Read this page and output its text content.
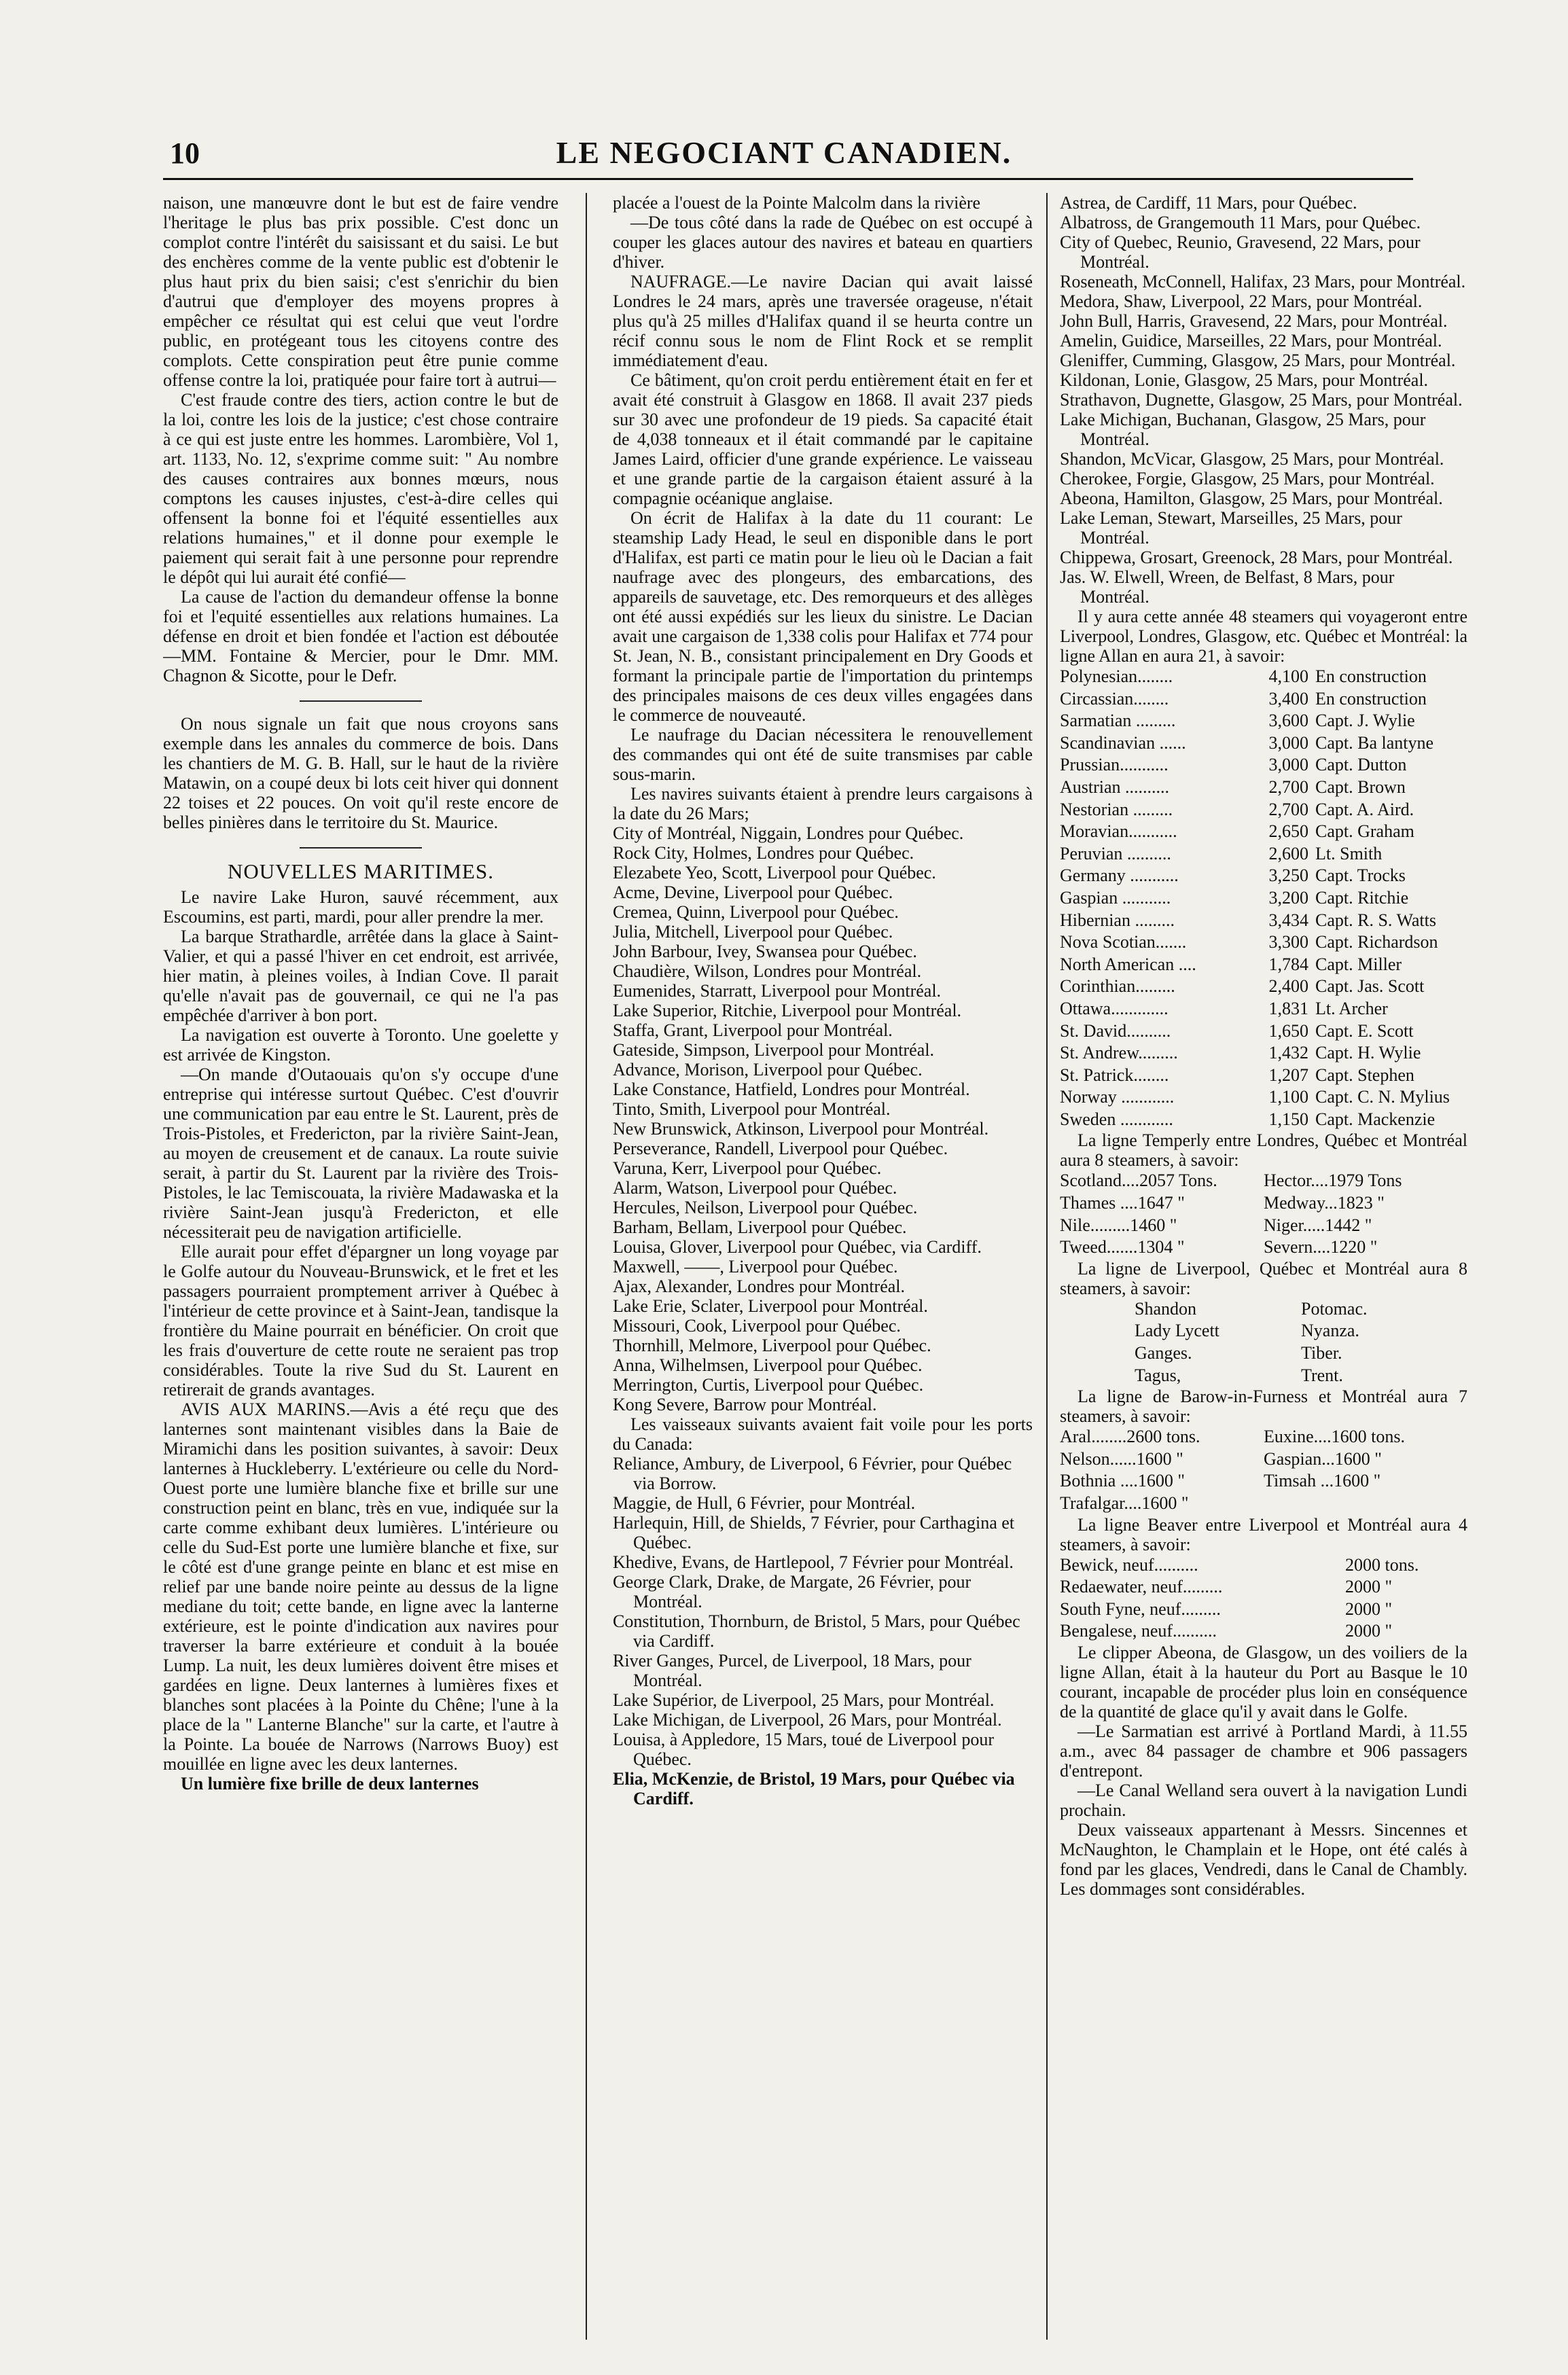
10	LE NEGOCIANT CANADIEN.

naison, une manœuvre dont le but est de faire vendre l'heritage le plus bas prix possible. C'est donc un complot contre l'intérêt du saisissant et du saisi. Le but des enchères comme de la vente public est d'obtenir le plus haut prix du bien saisi; c'est s'enrichir du bien d'autrui que d'employer des moyens propres à empêcher ce résultat qui est celui que veut l'ordre public, en protégeant tous les citoyens contre des complots. Cette conspiration peut être punie comme offense contre la loi, pratiquée pour faire tort à autrui—

C'est fraude contre des tiers, action contre le but de la loi, contre les lois de la justice; c'est chose contraire à ce qui est juste entre les hommes. Larombière, Vol 1, art. 1133, No. 12, s'exprime comme suit: " Au nombre des causes contraires aux bonnes mœurs, nous comptons les causes injustes, c'est-à-dire celles qui offensent la bonne foi et l'équité essentielles aux relations humaines," et il donne pour exemple le paiement qui serait fait à une personne pour reprendre le dépôt qui lui aurait été confié—

La cause de l'action du demandeur offense la bonne foi et l'equité essentielles aux relations humaines. La défense en droit et bien fondée et l'action est déboutée—MM. Fontaine & Mercier, pour le Dmr. MM. Chagnon & Sicotte, pour le Defr.

On nous signale un fait que nous croyons sans exemple dans les annales du commerce de bois. Dans les chantiers de M. G. B. Hall, sur le haut de la rivière Matawin, on a coupé deux bi lots ceit hiver qui donnent 22 toises et 22 pouces. On voit qu'il reste encore de belles pinières dans le territoire du St. Maurice.

NOUVELLES MARITIMES.

Le navire Lake Huron, sauvé récemment, aux Escoumins, est parti, mardi, pour aller prendre la mer.

La barque Strathardle, arrêtée dans la glace à Saint-Valier, et qui a passé l'hiver en cet endroit, est arrivée, hier matin, à pleines voiles, à Indian Cove. Il parait qu'elle n'avait pas de gouvernail, ce qui ne l'a pas empêchée d'arriver à bon port.

La navigation est ouverte à Toronto. Une goelette y est arrivée de Kingston.

—On mande d'Outaouais qu'on s'y occupe d'une entreprise qui intéresse surtout Québec. C'est d'ouvrir une communication par eau entre le St. Laurent, près de Trois-Pistoles, et Fredericton, par la rivière Saint-Jean, au moyen de creusement et de canaux. La route suivie serait, à partir du St. Laurent par la rivière des Trois-Pistoles, le lac Temiscouata, la rivière Madawaska et la rivière Saint-Jean jusqu'à Fredericton, et elle nécessiterait peu de navigation artificielle.

Elle aurait pour effet d'épargner un long voyage par le Golfe autour du Nouveau-Brunswick, et le fret et les passagers pourraient promptement arriver à Québec à l'intérieur de cette province et à Saint-Jean, tandisque la frontière du Maine pourrait en bénéficier. On croit que les frais d'ouverture de cette route ne seraient pas trop considérables. Toute la rive Sud du St. Laurent en retirerait de grands avantages.

AVIS AUX MARINS.—Avis a été reçu que des lanternes sont maintenant visibles dans la Baie de Miramichi dans les position suivantes, à savoir: Deux lanternes à Huckleberry. L'extérieure ou celle du Nord-Ouest porte une lumière blanche fixe et brille sur une construction peint en blanc, très en vue, indiquée sur la carte comme exhibant deux lumières. L'intérieure ou celle du Sud-Est porte une lumière blanche et fixe, sur le côté est d'une grange peinte en blanc et est mise en relief par une bande noire peinte au dessus de la ligne mediane du toit; cette bande, en ligne avec la lanterne extérieure, est le pointe d'indication aux navires pour traverser la barre extérieure et conduit à la bouée Lump. La nuit, les deux lumières doivent être mises et gardées en ligne. Deux lanternes à lumières fixes et blanches sont placées à la Pointe du Chêne; l'une à la place de la " Lanterne Blanche" sur la carte, et l'autre à la Pointe. La bouée de Narrows (Narrows Buoy) est mouillée en ligne avec les deux lanternes.

Un lumière fixe brille de deux lanternes

placée a l'ouest de la Pointe Malcolm dans la rivière

—De tous côté dans la rade de Québec on est occupé à couper les glaces autour des navires et bateau en quartiers d'hiver.

NAUFRAGE.—Le navire Dacian qui avait laissé Londres le 24 mars, après une traversée orageuse, n'était plus qu'à 25 milles d'Halifax quand il se heurta contre un récif connu sous le nom de Flint Rock et se remplit immédiatement d'eau.

Ce bâtiment, qu'on croit perdu entièrement était en fer et avait été construit à Glasgow en 1868. Il avait 237 pieds sur 30 avec une profondeur de 19 pieds. Sa capacité était de 4,038 tonneaux et il était commandé par le capitaine James Laird, officier d'une grande expérience. Le vaisseau et une grande partie de la cargaison étaient assuré à la compagnie océanique anglaise.

On écrit de Halifax à la date du 11 courant: Le steamship Lady Head, le seul en disponible dans le port d'Halifax, est parti ce matin pour le lieu où le Dacian a fait naufrage avec des plongeurs, des embarcations, des appareils de sauvetage, etc. Des remorqueurs et des allèges ont été aussi expédiés sur les lieux du sinistre. Le Dacian avait une cargaison de 1,338 colis pour Halifax et 774 pour St. Jean, N. B., consistant principalement en Dry Goods et formant la principale partie de l'importation du printemps des principales maisons de ces deux villes engagées dans le commerce de nouveauté.

Le naufrage du Dacian nécessitera le renouvellement des commandes qui ont été de suite transmises par cable sous-marin.

Les navires suivants étaient à prendre leurs cargaisons à la date du 26 Mars;

City of Montréal, Niggain, Londres pour Québec.

Rock City, Holmes, Londres pour Québec.

Elezabete Yeo, Scott, Liverpool pour Québec.

Acme, Devine, Liverpool pour Québec.

Cremea, Quinn, Liverpool pour Québec.

Julia, Mitchell, Liverpool pour Québec.

John Barbour, Ivey, Swansea pour Québec.

Chaudière, Wilson, Londres pour Montréal.

Eumenides, Starratt, Liverpool pour Montréal.

Lake Superior, Ritchie, Liverpool pour Montréal.

Staffa, Grant, Liverpool pour Montréal.

Gateside, Simpson, Liverpool pour Montréal.

Advance, Morison, Liverpool pour Québec.

Lake Constance, Hatfield, Londres pour Montréal.

Tinto, Smith, Liverpool pour Montréal.

New Brunswick, Atkinson, Liverpool pour Montréal.

Perseverance, Randell, Liverpool pour Québec.

Varuna, Kerr, Liverpool pour Québec.

Alarm, Watson, Liverpool pour Québec.

Hercules, Neilson, Liverpool pour Québec.

Barham, Bellam, Liverpool pour Québec.

Louisa, Glover, Liverpool pour Québec, via Cardiff.

Maxwell, ——, Liverpool pour Québec.

Ajax, Alexander, Londres pour Montréal.

Lake Erie, Sclater, Liverpool pour Montréal.

Missouri, Cook, Liverpool pour Québec.

Thornhill, Melmore, Liverpool pour Québec.

Anna, Wilhelmsen, Liverpool pour Québec.

Merrington, Curtis, Liverpool pour Québec.

Kong Severe, Barrow pour Montréal.

Les vaisseaux suivants avaient fait voile pour les ports du Canada:

Reliance, Ambury, de Liverpool, 6 Février, pour Québec via Borrow.

Maggie, de Hull, 6 Février, pour Montréal.

Harlequin, Hill, de Shields, 7 Février, pour Carthagina et Québec.

Khedive, Evans, de Hartlepool, 7 Février pour Montréal.

George Clark, Drake, de Margate, 26 Février, pour Montréal.

Constitution, Thornburn, de Bristol, 5 Mars, pour Québec via Cardiff.

River Ganges, Purcel, de Liverpool, 18 Mars, pour Montréal.

Lake Supérior, de Liverpool, 25 Mars, pour Montréal.

Lake Michigan, de Liverpool, 26 Mars, pour Montréal.

Louisa, à Appledore, 15 Mars, toué de Liverpool pour Québec.

Elia, McKenzie, de Bristol, 19 Mars, pour Québec via Cardiff.

Astrea, de Cardiff, 11 Mars, pour Québec.

Albatross, de Grangemouth 11 Mars, pour Québec.

City of Quebec, Reunio, Gravesend, 22 Mars, pour Montréal.

Roseneath, McConnell, Halifax, 23 Mars, pour Montréal.

Medora, Shaw, Liverpool, 22 Mars, pour Montréal.

John Bull, Harris, Gravesend, 22 Mars, pour Montréal.

Amelin, Guidice, Marseilles, 22 Mars, pour Montréal.

Gleniffer, Cumming, Glasgow, 25 Mars, pour Montréal.

Kildonan, Lonie, Glasgow, 25 Mars, pour Montréal.

Strathavon, Dugnette, Glasgow, 25 Mars, pour Montréal.

Lake Michigan, Buchanan, Glasgow, 25 Mars, pour Montréal.

Shandon, McVicar, Glasgow, 25 Mars, pour Montréal.

Cherokee, Forgie, Glasgow, 25 Mars, pour Montréal.

Abeona, Hamilton, Glasgow, 25 Mars, pour Montréal.

Lake Leman, Stewart, Marseilles, 25 Mars, pour Montréal.

Chippewa, Grosart, Greenock, 28 Mars, pour Montréal.

Jas. W. Elwell, Wreen, de Belfast, 8 Mars, pour Montréal.

Il y aura cette année 48 steamers qui voyageront entre Liverpool, Londres, Glasgow, etc. Québec et Montréal: la ligne Allan en aura 21, à savoir:

Polynesian........	4,100 En construction
Circassian........	3,400 En construction
Sarmatian .........	3,600 Capt. J. Wylie
Scandinavian ......	3,000 Capt. Ba lantyne
Prussian...........	3,000 Capt. Dutton
Austrian ..........	2,700 Capt. Brown
Nestorian .........	2,700 Capt. A. Aird.
Moravian...........	2,650 Capt. Graham
Peruvian ..........	2,600 Lt. Smith
Germany ...........	3,250 Capt. Trocks
Gaspian ...........	3,200 Capt. Ritchie
Hibernian .........	3,434 Capt. R. S. Watts
Nova Scotian.......	3,300 Capt. Richardson
North American ....	1,784 Capt. Miller
Corinthian.........	2,400 Capt. Jas. Scott
Ottawa.............	1,831 Lt. Archer
St. David..........	1,650 Capt. E. Scott
St. Andrew.........	1,432 Capt. H. Wylie
St. Patrick........	1,207 Capt. Stephen
Norway ............	1,100 Capt. C. N. Mylius
Sweden ............	1,150 Capt. Mackenzie

La ligne Temperly entre Londres, Québec et Montréal aura 8 steamers, à savoir:

Scotland....2057 Tons.	Hector....1979 Tons
Thames ....1647 "	Medway...1823 "
Nile.........1460 "	Niger.....1442 "
Tweed.......1304 "	Severn....1220 "

La ligne de Liverpool, Québec et Montréal aura 8 steamers, à savoir:

Shandon	Potomac.
Lady Lycett	Nyanza.
Ganges.	Tiber.
Tagus,	Trent.

La ligne de Barow-in-Furness et Montréal aura 7 steamers, à savoir:

Aral........2600 tons.	Euxine....1600 tons.
Nelson......1600 "	Gaspian...1600 "
Bothnia ....1600 "	Timsah ...1600 "
Trafalgar....1600 "

La ligne Beaver entre Liverpool et Montréal aura 4 steamers, à savoir:

Bewick, neuf..........	2000 tons.
Redaewater, neuf.........	2000 "
South Fyne, neuf.........	2000 "
Bengalese, neuf..........	2000 "

Le clipper Abeona, de Glasgow, un des voiliers de la ligne Allan, était à la hauteur du Port au Basque le 10 courant, incapable de procéder plus loin en conséquence de la quantité de glace qu'il y avait dans le Golfe.

—Le Sarmatian est arrivé à Portland Mardi, à 11.55 a.m., avec 84 passager de chambre et 906 passagers d'entrepont.

—Le Canal Welland sera ouvert à la navigation Lundi prochain.

Deux vaisseaux appartenant à Messrs. Sincennes et McNaughton, le Champlain et le Hope, ont été calés à fond par les glaces, Vendredi, dans le Canal de Chambly. Les dommages sont considérables.
